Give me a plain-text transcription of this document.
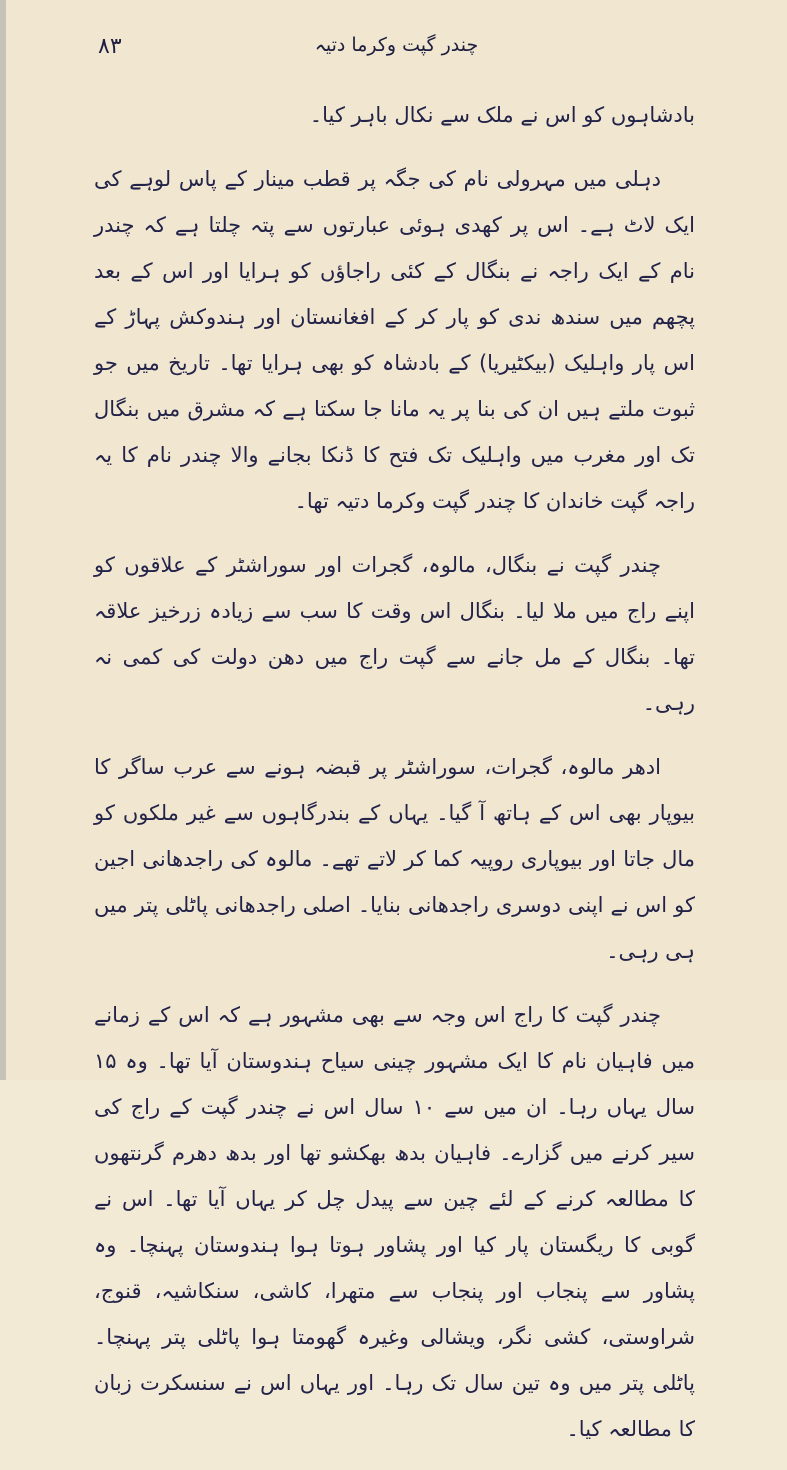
۸۳	چندر گپت وکرما دتیہ

بادشاہوں کو اس نے ملک سے نکال باہر کیا۔

دہلی میں مہرولی نام کی جگہ پر قطب مینار کے پاس لوہے کی ایک لاٹ ہے۔ اس پر کھدی ہوئی عبارتوں سے پتہ چلتا ہے کہ چندر نام کے ایک راجہ نے بنگال کے کئی راجاؤں کو ہرایا اور اس کے بعد پچھم میں سندھ ندی کو پار کر کے افغانستان اور ہندوکش پہاڑ کے اس پار واہلیک (بیکٹیریا) کے بادشاہ کو بھی ہرایا تھا۔ تاریخ میں جو ثبوت ملتے ہیں ان کی بنا پر یہ مانا جا سکتا ہے کہ مشرق میں بنگال تک اور مغرب میں واہلیک تک فتح کا ڈنکا بجانے والا چندر نام کا یہ راجہ گپت خاندان کا چندر گپت وکرما دتیہ تھا۔

چندر گپت نے بنگال، مالوہ، گجرات اور سوراشٹر کے علاقوں کو اپنے راج میں ملا لیا۔ بنگال اس وقت کا سب سے زیادہ زرخیز علاقہ تھا۔ بنگال کے مل جانے سے گپت راج میں دھن دولت کی کمی نہ رہی۔

ادھر مالوہ، گجرات، سوراشٹر پر قبضہ ہونے سے عرب ساگر کا بیوپار بھی اس کے ہاتھ آ گیا۔ یہاں کے بندرگاہوں سے غیر ملکوں کو مال جاتا اور بیوپاری روپیہ کما کر لاتے تھے۔ مالوہ کی راجدھانی اجین کو اس نے اپنی دوسری راجدھانی بنایا۔ اصلی راجدھانی پاٹلی پتر میں ہی رہی۔

چندر گپت کا راج اس وجہ سے بھی مشہور ہے کہ اس کے زمانے میں فاہیان نام کا ایک مشہور چینی سیاح ہندوستان آیا تھا۔ وہ ۱۵ سال یہاں رہا۔ ان میں سے ۱۰ سال اس نے چندر گپت کے راج کی سیر کرنے میں گزارے۔ فاہیان بدھ بھکشو تھا اور بدھ دھرم گرنتھوں کا مطالعہ کرنے کے لئے چین سے پیدل چل کر یہاں آیا تھا۔ اس نے گوبی کا ریگستان پار کیا اور پشاور ہوتا ہوا ہندوستان پہنچا۔ وہ پشاور سے پنجاب اور پنجاب سے متھرا، کاشی، سنکاشیہ، قنوج، شراوستی، کشی نگر، ویشالی وغیرہ گھومتا ہوا پاٹلی پتر پہنچا۔ پاٹلی پتر میں وہ تین سال تک رہا۔ اور یہاں اس نے سنسکرت زبان کا مطالعہ کیا۔
